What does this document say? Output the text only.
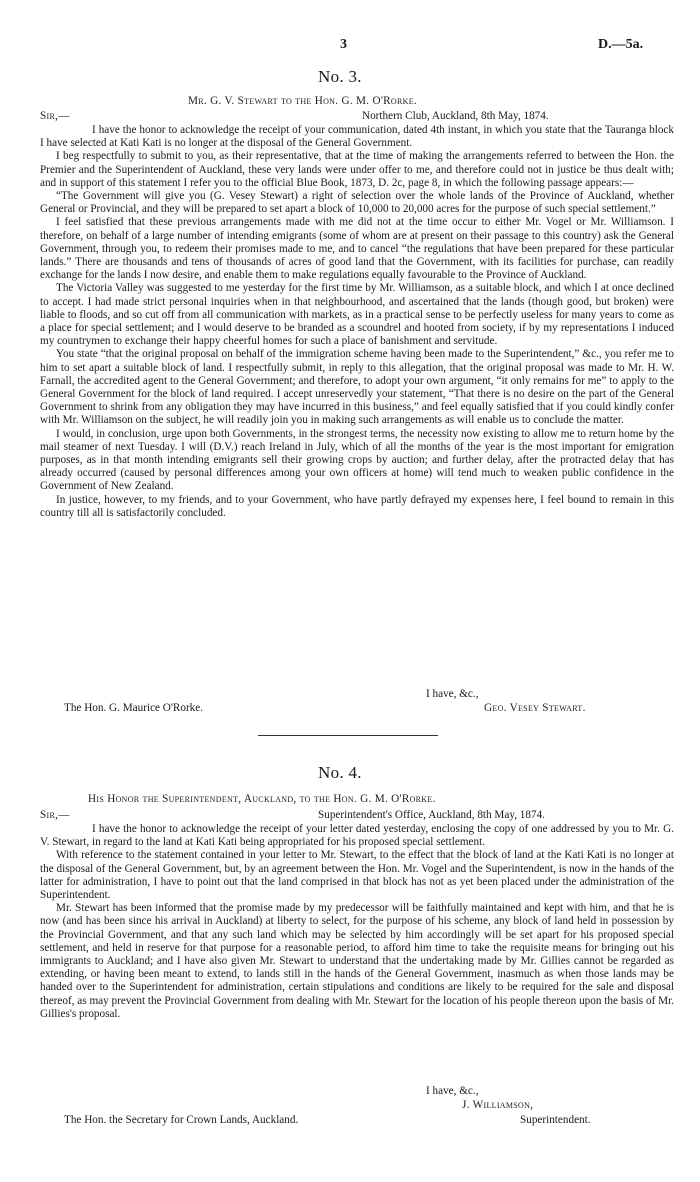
3	D.—5a.
No. 3.
Mr. G. V. Stewart to the Hon. G. M. O'Rorke.
Sir,—	Northern Club, Auckland, 8th May, 1874.

I have the honor to acknowledge the receipt of your communication, dated 4th instant, in which you state that the Tauranga block I have selected at Kati Kati is no longer at the disposal of the General Government.

I beg respectfully to submit to you, as their representative, that at the time of making the arrangements referred to between the Hon. the Premier and the Superintendent of Auckland, these very lands were under offer to me, and therefore could not in justice be thus dealt with; and in support of this statement I refer you to the official Blue Book, 1873, D. 2c, page 8, in which the following passage appears:—

“The Government will give you (G. Vesey Stewart) a right of selection over the whole lands of the Province of Auckland, whether General or Provincial, and they will be prepared to set apart a block of 10,000 to 20,000 acres for the purpose of such special settlement.”

I feel satisfied that these previous arrangements made with me did not at the time occur to either Mr. Vogel or Mr. Williamson. I therefore, on behalf of a large number of intending emigrants (some of whom are at present on their passage to this country) ask the General Government, through you, to redeem their promises made to me, and to cancel “the regulations that have been prepared for these particular lands.” There are thousands and tens of thousands of acres of good land that the Government, with its facilities for purchase, can readily exchange for the lands I now desire, and enable them to make regulations equally favourable to the Province of Auckland.

The Victoria Valley was suggested to me yesterday for the first time by Mr. Williamson, as a suitable block, and which I at once declined to accept. I had made strict personal inquiries when in that neighbourhood, and ascertained that the lands (though good, but broken) were liable to floods, and so cut off from all communication with markets, as in a practical sense to be perfectly useless for many years to come as a place for special settlement; and I would deserve to be branded as a scoundrel and hooted from society, if by my representations I induced my countrymen to exchange their happy cheerful homes for such a place of banishment and servitude.

You state “that the original proposal on behalf of the immigration scheme having been made to the Superintendent,” &c., you refer me to him to set apart a suitable block of land. I respectfully submit, in reply to this allegation, that the original proposal was made to Mr. H. W. Farnall, the accredited agent to the General Government; and therefore, to adopt your own argument, “it only remains for me” to apply to the General Government for the block of land required. I accept unreservedly your statement, “That there is no desire on the part of the General Government to shrink from any obligation they may have incurred in this business,” and feel equally satisfied that if you could kindly confer with Mr. Williamson on the subject, he will readily join you in making such arrangements as will enable us to conclude the matter.

I would, in conclusion, urge upon both Governments, in the strongest terms, the necessity now existing to allow me to return home by the mail steamer of next Tuesday. I will (D.V.) reach Ireland in July, which of all the months of the year is the most important for emigration purposes, as in that month intending emigrants sell their growing crops by auction; and further delay, after the protracted delay that has already occurred (caused by personal differences among your own officers at home) will tend much to weaken public confidence in the Government of New Zealand.

In justice, however, to my friends, and to your Government, who have partly defrayed my expenses here, I feel bound to remain in this country till all is satisfactorily concluded.

I have, &c.,
The Hon. G. Maurice O'Rorke.	Geo. Vesey Stewart.
No. 4.
His Honor the Superintendent, Auckland, to the Hon. G. M. O'Rorke.
Sir,—	Superintendent's Office, Auckland, 8th May, 1874.

I have the honor to acknowledge the receipt of your letter dated yesterday, enclosing the copy of one addressed by you to Mr. G. V. Stewart, in regard to the land at Kati Kati being appropriated for his proposed special settlement.

With reference to the statement contained in your letter to Mr. Stewart, to the effect that the block of land at the Kati Kati is no longer at the disposal of the General Government, but, by an agreement between the Hon. Mr. Vogel and the Superintendent, is now in the hands of the latter for administration, I have to point out that the land comprised in that block has not as yet been placed under the administration of the Superintendent.

Mr. Stewart has been informed that the promise made by my predecessor will be faithfully maintained and kept with him, and that he is now (and has been since his arrival in Auckland) at liberty to select, for the purpose of his scheme, any block of land held in possession by the Provincial Government, and that any such land which may be selected by him accordingly will be set apart for his proposed special settlement, and held in reserve for that purpose for a reasonable period, to afford him time to take the requisite means for bringing out his immigrants to Auckland; and I have also given Mr. Stewart to understand that the undertaking made by Mr. Gillies cannot be regarded as extending, or having been meant to extend, to lands still in the hands of the General Government, inasmuch as when those lands may be handed over to the Superintendent for administration, certain stipulations and conditions are likely to be required for the sale and disposal thereof, as may prevent the Provincial Government from dealing with Mr. Stewart for the location of his people thereon upon the basis of Mr. Gillies's proposal.

I have, &c.,
J. Williamson,
The Hon. the Secretary for Crown Lands, Auckland.	Superintendent.
